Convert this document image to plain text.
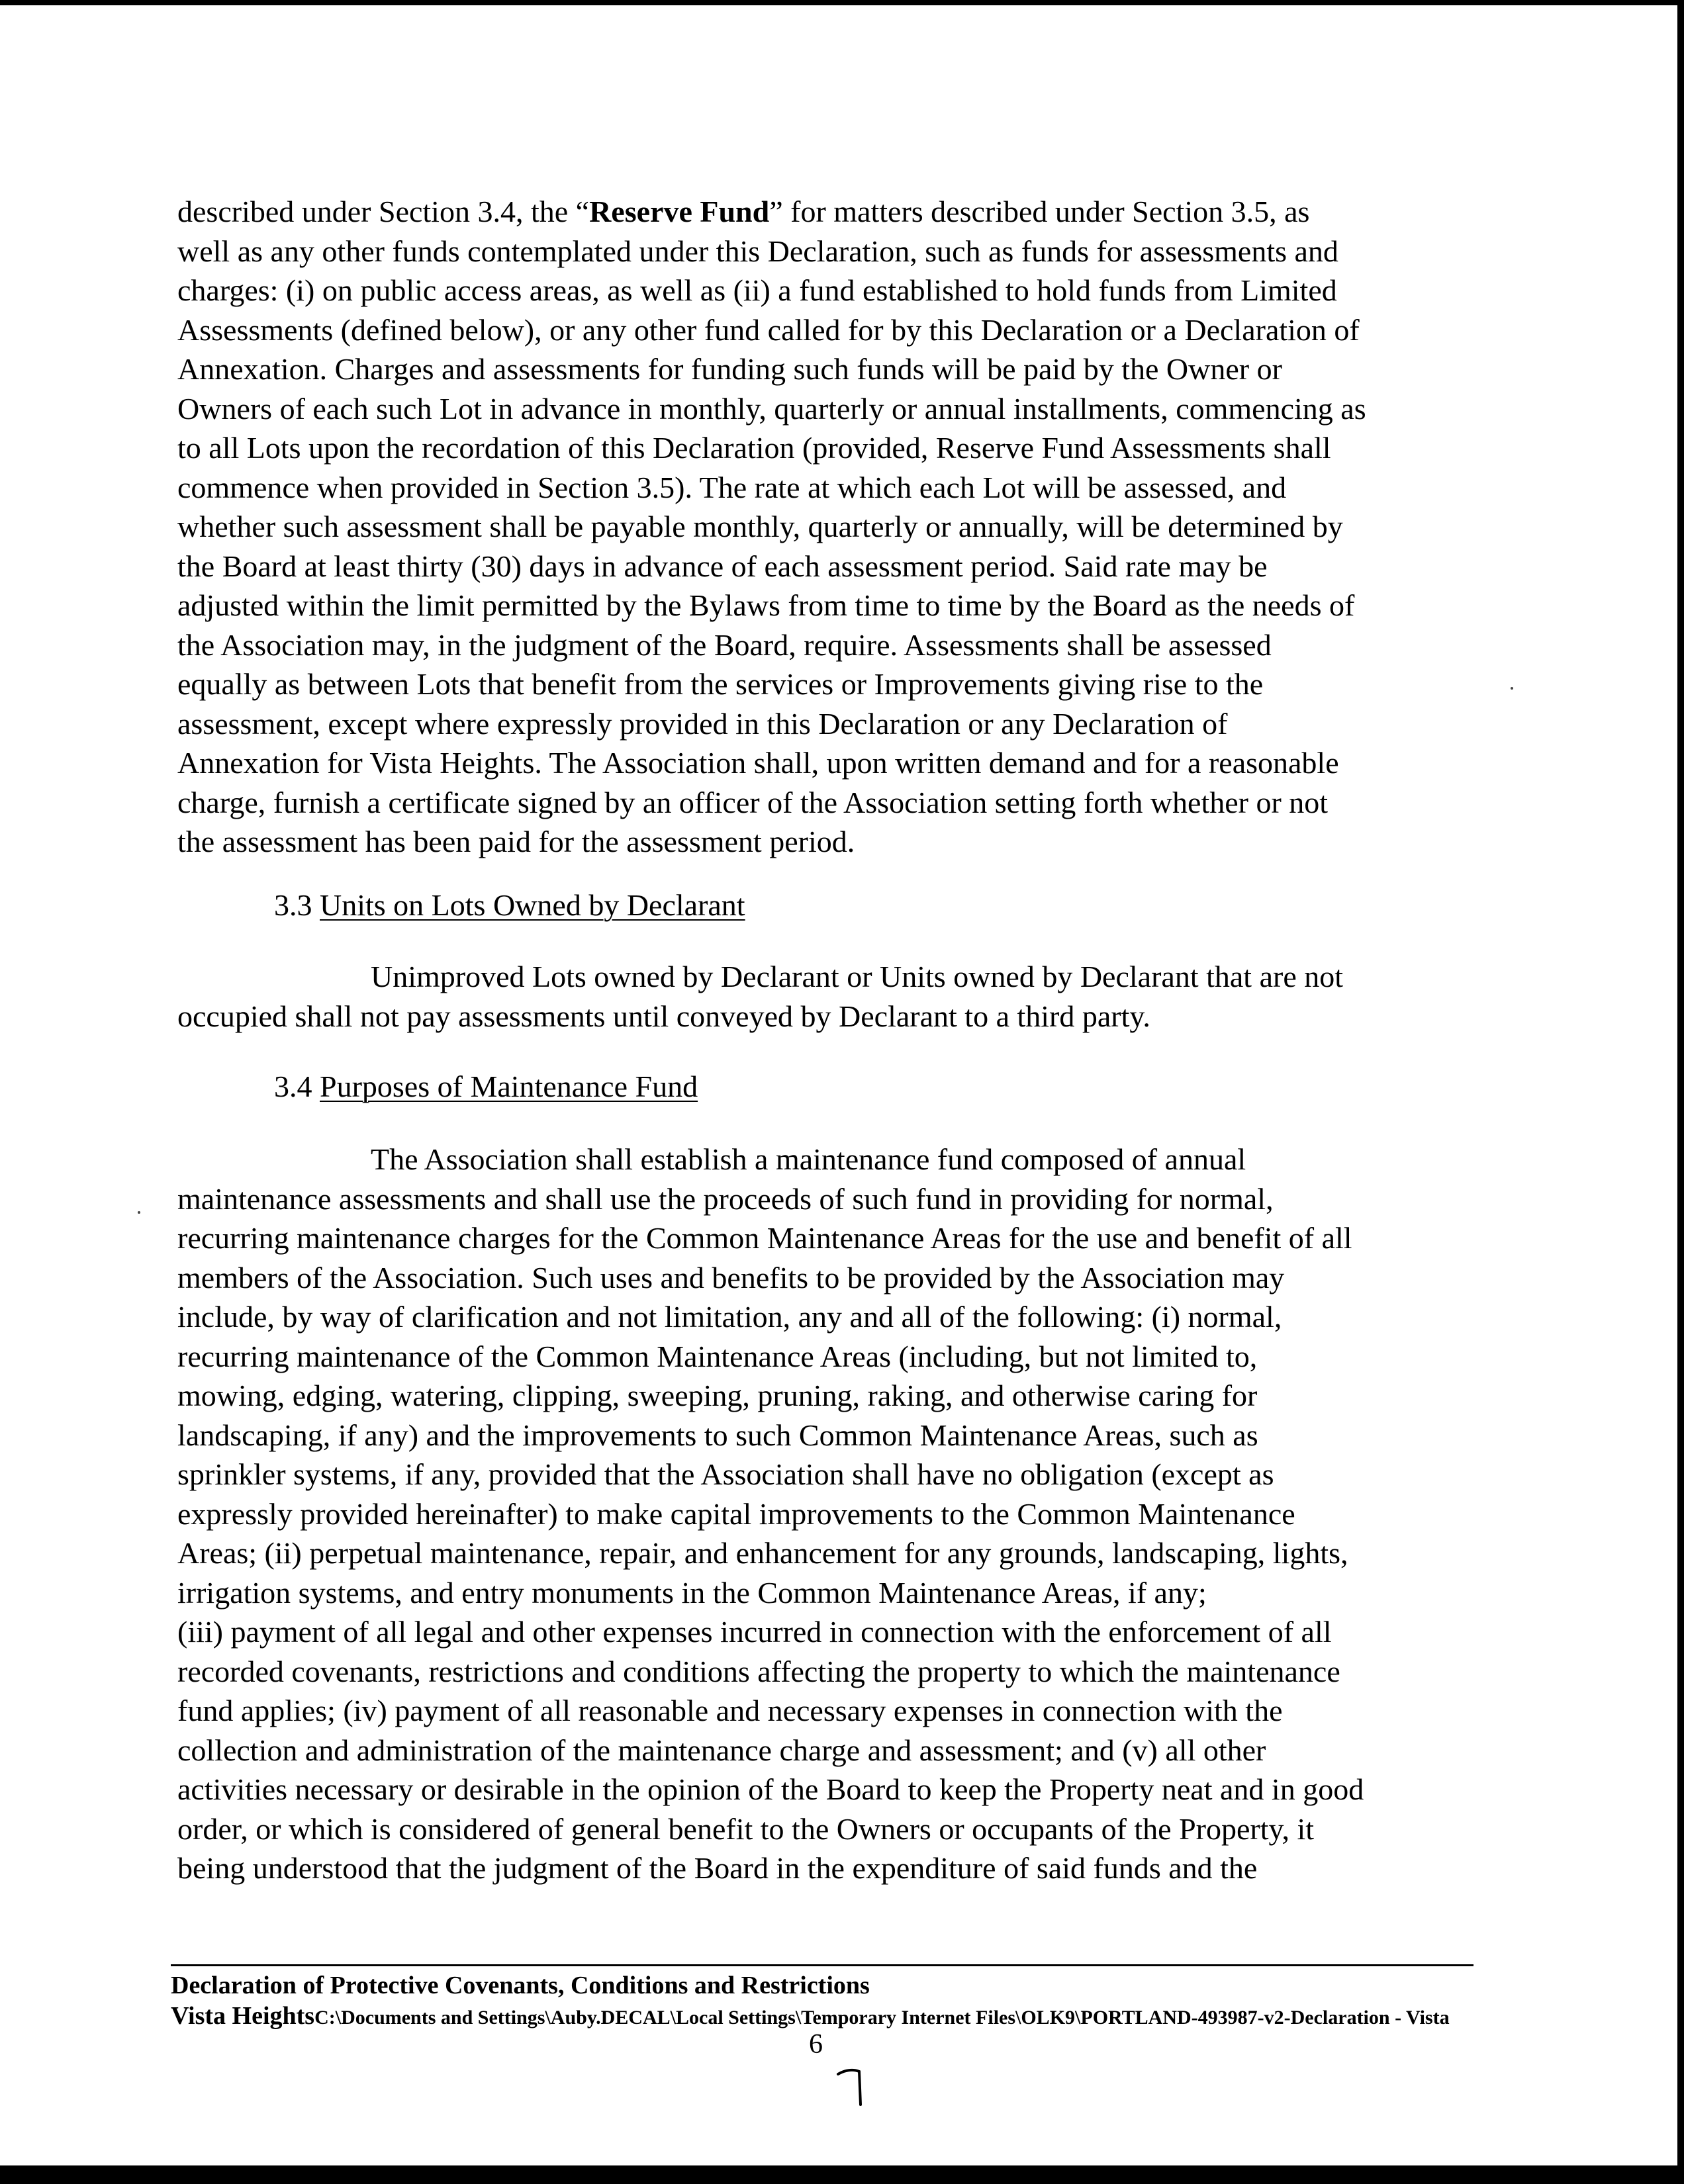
described under Section 3.4, the “Reserve Fund” for matters described under Section 3.5, as
well as any other funds contemplated under this Declaration, such as funds for assessments and
charges: (i) on public access areas, as well as (ii) a fund established to hold funds from Limited
Assessments (defined below), or any other fund called for by this Declaration or a Declaration of
Annexation. Charges and assessments for funding such funds will be paid by the Owner or
Owners of each such Lot in advance in monthly, quarterly or annual installments, commencing as
to all Lots upon the recordation of this Declaration (provided, Reserve Fund Assessments shall
commence when provided in Section 3.5). The rate at which each Lot will be assessed, and
whether such assessment shall be payable monthly, quarterly or annually, will be determined by
the Board at least thirty (30) days in advance of each assessment period. Said rate may be
adjusted within the limit permitted by the Bylaws from time to time by the Board as the needs of
the Association may, in the judgment of the Board, require. Assessments shall be assessed
equally as between Lots that benefit from the services or Improvements giving rise to the
assessment, except where expressly provided in this Declaration or any Declaration of
Annexation for Vista Heights. The Association shall, upon written demand and for a reasonable
charge, furnish a certificate signed by an officer of the Association setting forth whether or not
the assessment has been paid for the assessment period.
3.3 Units on Lots Owned by Declarant
Unimproved Lots owned by Declarant or Units owned by Declarant that are not
occupied shall not pay assessments until conveyed by Declarant to a third party.
3.4 Purposes of Maintenance Fund
The Association shall establish a maintenance fund composed of annual
maintenance assessments and shall use the proceeds of such fund in providing for normal,
recurring maintenance charges for the Common Maintenance Areas for the use and benefit of all
members of the Association. Such uses and benefits to be provided by the Association may
include, by way of clarification and not limitation, any and all of the following: (i) normal,
recurring maintenance of the Common Maintenance Areas (including, but not limited to,
mowing, edging, watering, clipping, sweeping, pruning, raking, and otherwise caring for
landscaping, if any) and the improvements to such Common Maintenance Areas, such as
sprinkler systems, if any, provided that the Association shall have no obligation (except as
expressly provided hereinafter) to make capital improvements to the Common Maintenance
Areas; (ii) perpetual maintenance, repair, and enhancement for any grounds, landscaping, lights,
irrigation systems, and entry monuments in the Common Maintenance Areas, if any;
(iii) payment of all legal and other expenses incurred in connection with the enforcement of all
recorded covenants, restrictions and conditions affecting the property to which the maintenance
fund applies; (iv) payment of all reasonable and necessary expenses in connection with the
collection and administration of the maintenance charge and assessment; and (v) all other
activities necessary or desirable in the opinion of the Board to keep the Property neat and in good
order, or which is considered of general benefit to the Owners or occupants of the Property, it
being understood that the judgment of the Board in the expenditure of said funds and the
Declaration of Protective Covenants, Conditions and Restrictions
Vista HeightsC:\Documents and Settings\Auby.DECAL\Local Settings\Temporary Internet Files\OLK9\PORTLAND-493987-v2-Declaration - Vista
6
